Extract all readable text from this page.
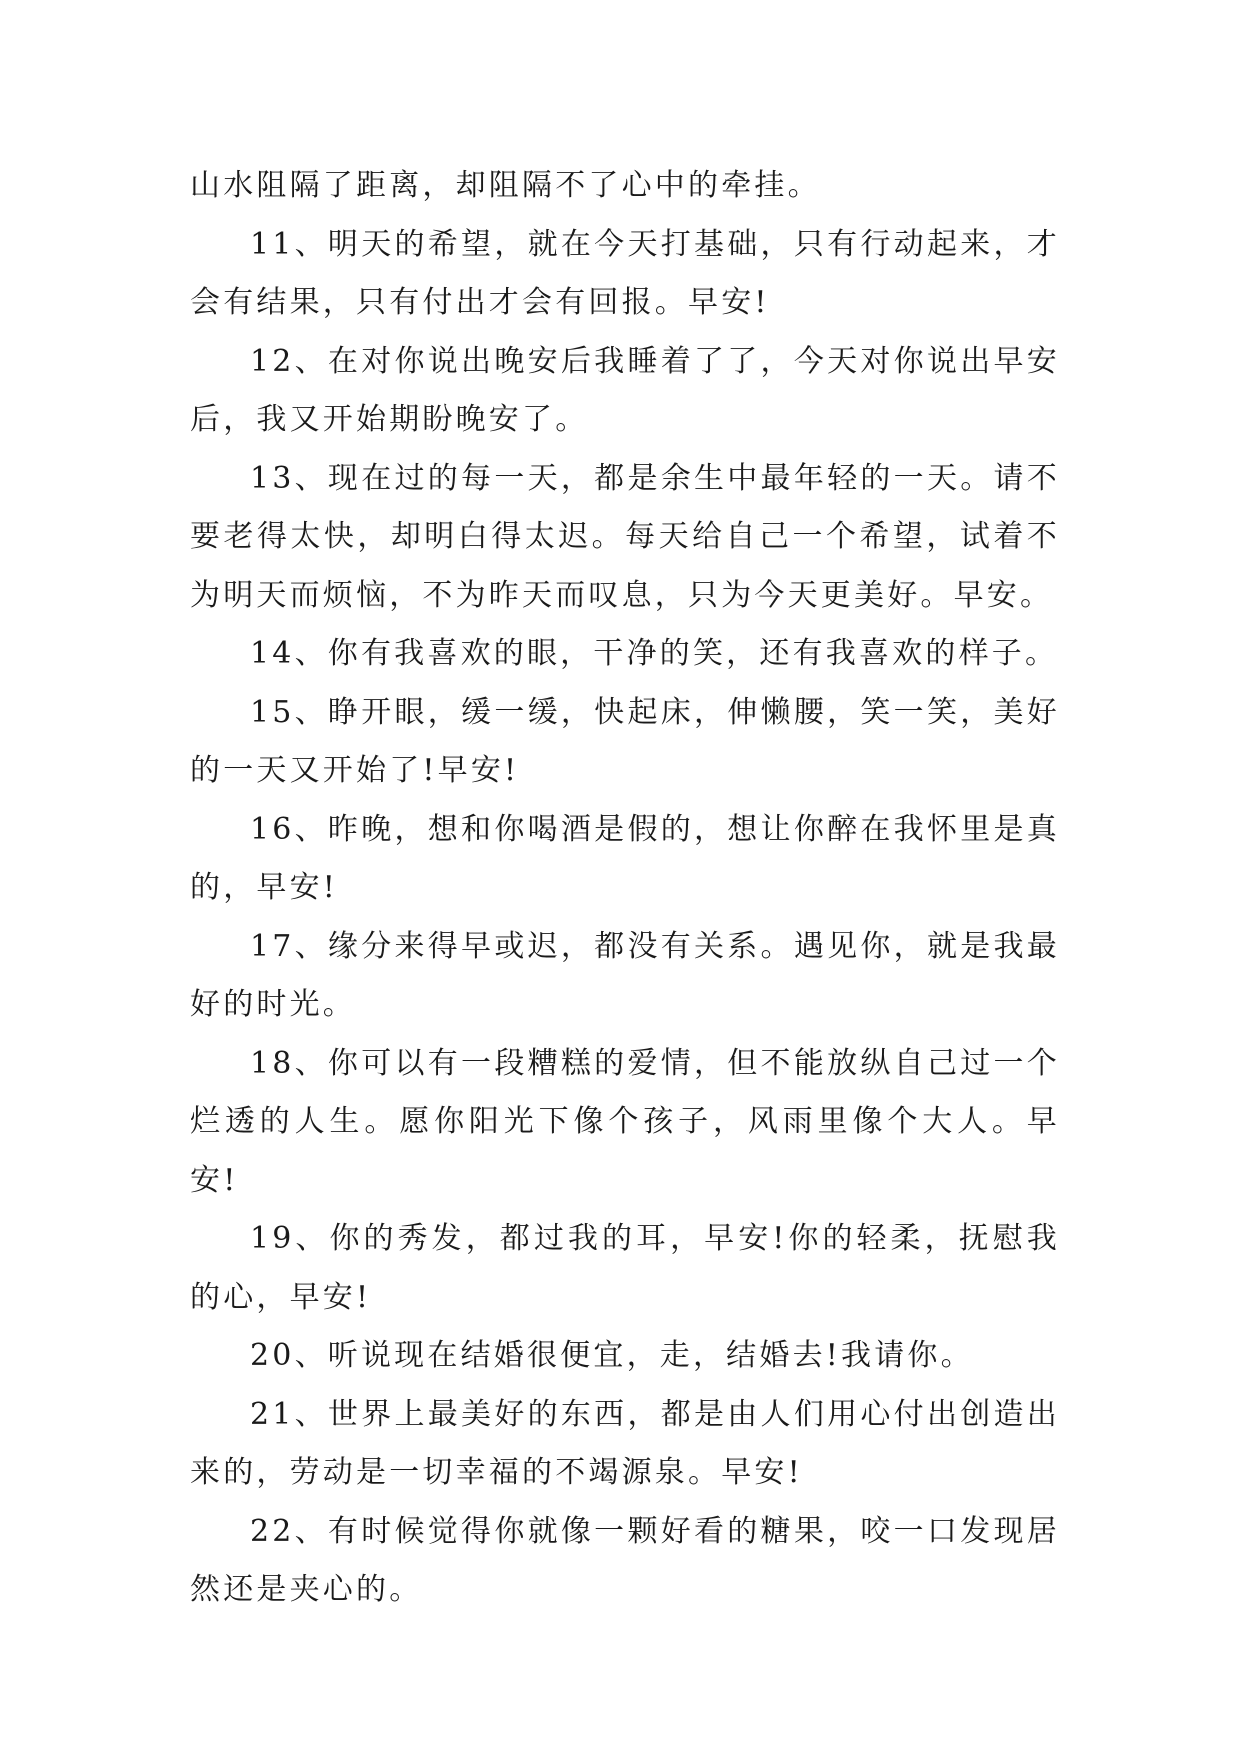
山水阻隔了距离，却阻隔不了心中的牵挂。

11、明天的希望，就在今天打基础，只有行动起来，才会有结果，只有付出才会有回报。早安!

12、在对你说出晚安后我睡着了了，今天对你说出早安后，我又开始期盼晚安了。

13、现在过的每一天，都是余生中最年轻的一天。请不要老得太快，却明白得太迟。每天给自己一个希望，试着不为明天而烦恼，不为昨天而叹息，只为今天更美好。早安。

14、你有我喜欢的眼，干净的笑，还有我喜欢的样子。

15、睁开眼，缓一缓，快起床，伸懒腰，笑一笑，美好的一天又开始了!早安!

16、昨晚，想和你喝酒是假的，想让你醉在我怀里是真的，早安!

17、缘分来得早或迟，都没有关系。遇见你，就是我最好的时光。

18、你可以有一段糟糕的爱情，但不能放纵自己过一个烂透的人生。愿你阳光下像个孩子，风雨里像个大人。早安!

19、你的秀发，都过我的耳，早安!你的轻柔，抚慰我的心，早安!

20、听说现在结婚很便宜，走，结婚去!我请你。

21、世界上最美好的东西，都是由人们用心付出创造出来的，劳动是一切幸福的不竭源泉。早安!

22、有时候觉得你就像一颗好看的糖果，咬一口发现居然还是夹心的。
